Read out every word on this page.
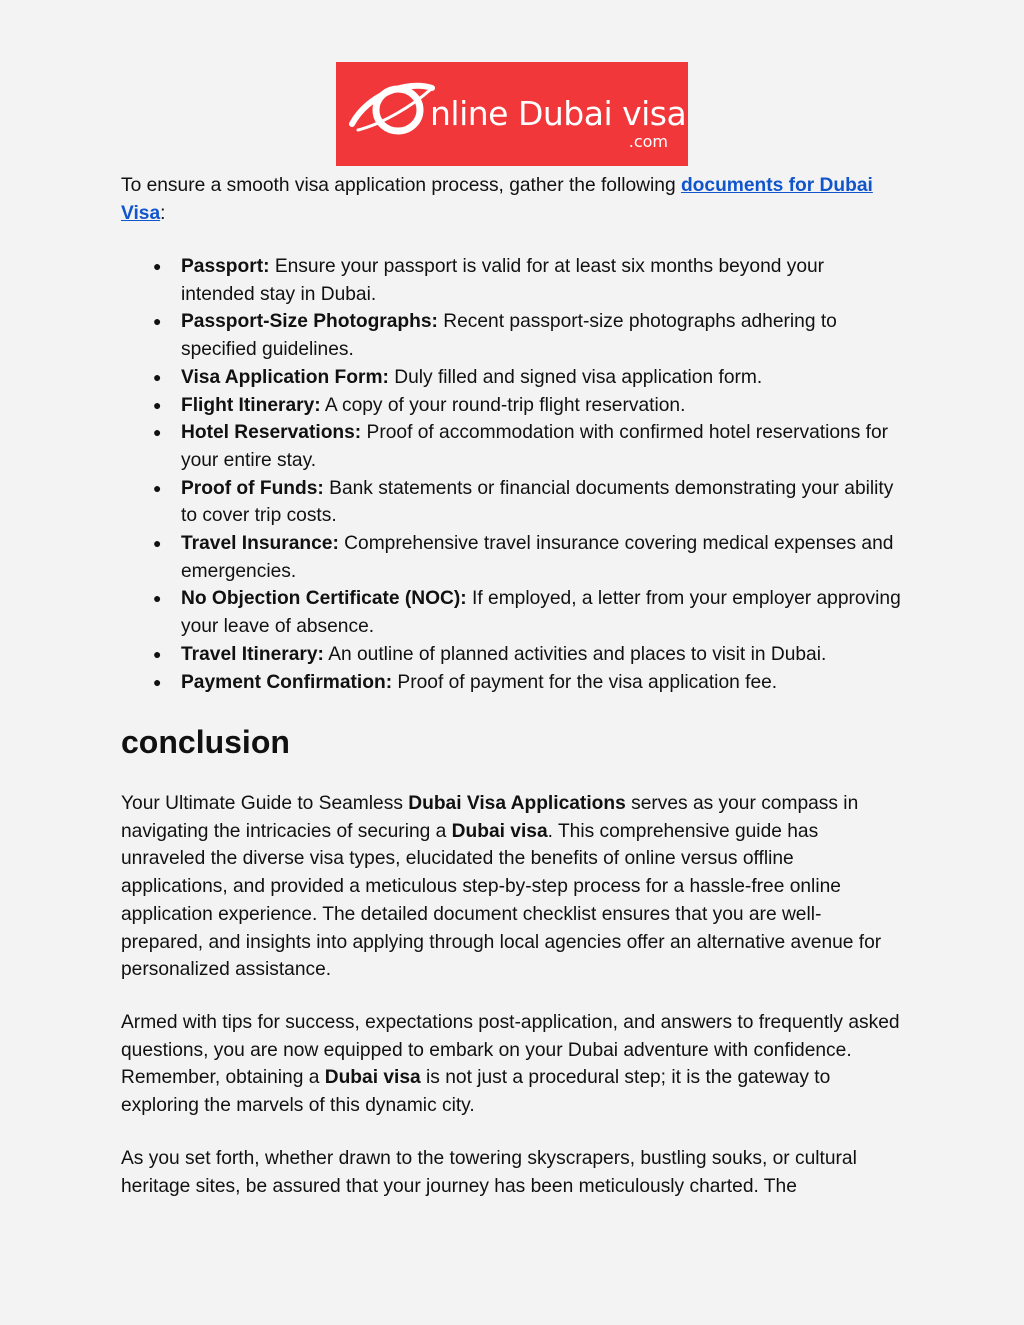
nline Dubai visa
.com

To ensure a smooth visa application process, gather the following documents for Dubai Visa:

● Passport: Ensure your passport is valid for at least six months beyond your intended stay in Dubai.
● Passport-Size Photographs: Recent passport-size photographs adhering to specified guidelines.
● Visa Application Form: Duly filled and signed visa application form.
● Flight Itinerary: A copy of your round-trip flight reservation.
● Hotel Reservations: Proof of accommodation with confirmed hotel reservations for your entire stay.
● Proof of Funds: Bank statements or financial documents demonstrating your ability to cover trip costs.
● Travel Insurance: Comprehensive travel insurance covering medical expenses and emergencies.
● No Objection Certificate (NOC): If employed, a letter from your employer approving your leave of absence.
● Travel Itinerary: An outline of planned activities and places to visit in Dubai.
● Payment Confirmation: Proof of payment for the visa application fee.
conclusion

Your Ultimate Guide to Seamless Dubai Visa Applications serves as your compass in navigating the intricacies of securing a Dubai visa. This comprehensive guide has unraveled the diverse visa types, elucidated the benefits of online versus offline applications, and provided a meticulous step-by-step process for a hassle-free online application experience. The detailed document checklist ensures that you are well-prepared, and insights into applying through local agencies offer an alternative avenue for personalized assistance.

Armed with tips for success, expectations post-application, and answers to frequently asked questions, you are now equipped to embark on your Dubai adventure with confidence. Remember, obtaining a Dubai visa is not just a procedural step; it is the gateway to exploring the marvels of this dynamic city.

As you set forth, whether drawn to the towering skyscrapers, bustling souks, or cultural heritage sites, be assured that your journey has been meticulously charted. The
